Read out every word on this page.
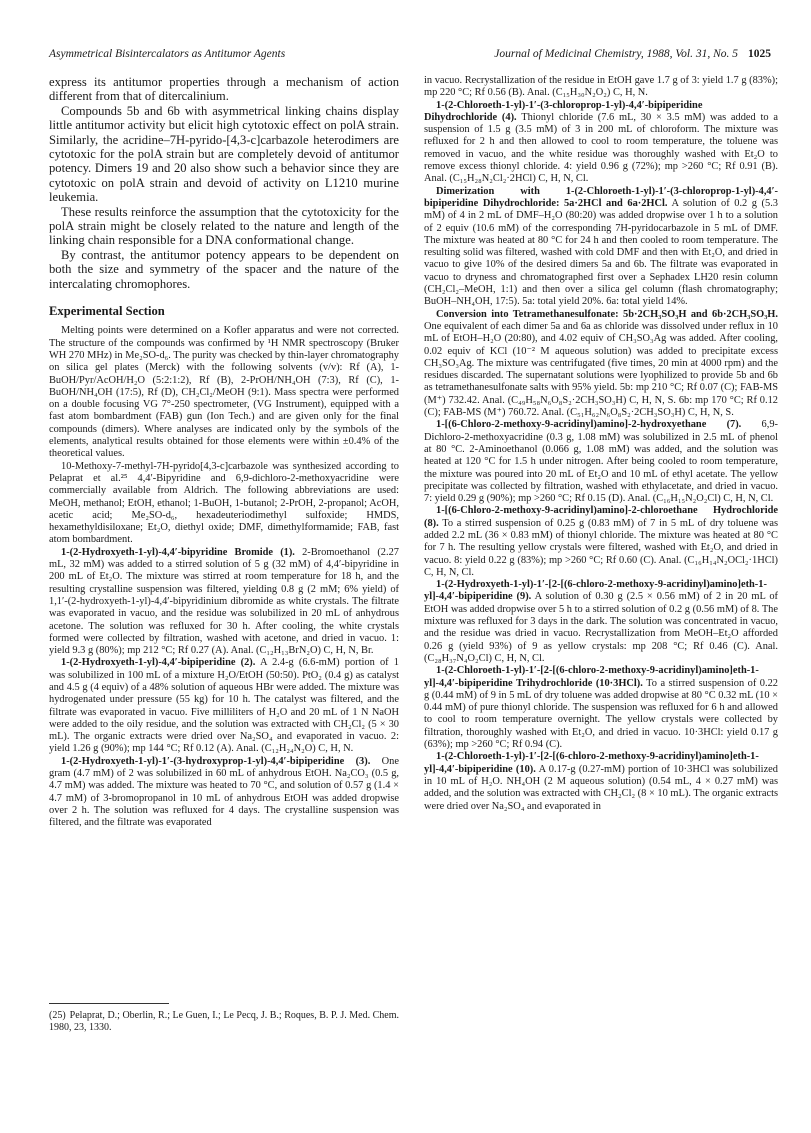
Asymmetrical Bisintercalators as Antitumor Agents	Journal of Medicinal Chemistry, 1988, Vol. 31, No. 5 1025

express its antitumor properties through a mechanism of action different from that of ditercalinium.

Compounds 5b and 6b with asymmetrical linking chains display little antitumor activity but elicit high cytotoxic effect on polA strain. Similarly, the acridine–7H-pyrido-[4,3-c]carbazole heterodimers are cytotoxic for the polA strain but are completely devoid of antitumor potency. Dimers 19 and 20 also show such a behavior since they are cytotoxic on polA strain and devoid of activity on L1210 murine leukemia.

These results reinforce the assumption that the cytotoxicity for the polA strain might be closely related to the nature and length of the linking chain responsible for a DNA conformational change.

By contrast, the antitumor potency appears to be dependent on both the size and symmetry of the spacer and the nature of the intercalating chromophores.

Experimental Section

Melting points were determined on a Kofler apparatus and were not corrected. The structure of the compounds was confirmed by ¹H NMR spectroscopy (Bruker WH 270 MHz) in Me₂SO-d₆. The purity was checked by thin-layer chromatography on silica gel plates (Merck) with the following solvents (v/v): Rf (A), 1-BuOH/Pyr/AcOH/H₂O (5:2:1:2), Rf (B), 2-PrOH/NH₄OH (7:3), Rf (C), 1-BuOH/NH₄OH (17:5), Rf (D), CH₂Cl₂/MeOH (9:1). Mass spectra were performed on a double focusing VG 7°-250 spectrometer, (VG Instrument), equipped with a fast atom bombardment (FAB) gun (Ion Tech.) and are given only for the final compounds (dimers). Where analyses are indicated only by the symbols of the elements, analytical results obtained for those elements were within ±0.4% of the theoretical values.

10-Methoxy-7-methyl-7H-pyrido[4,3-c]carbazole was synthesized according to Pelaprat et al.²⁵ 4,4′-Bipyridine and 6,9-dichloro-2-methoxyacridine were commercially available from Aldrich. The following abbreviations are used: MeOH, methanol; EtOH, ethanol; 1-BuOH, 1-butanol; 2-PrOH, 2-propanol; AcOH, acetic acid; Me₂SO-d₆, hexadeuteriodimethyl sulfoxide; HMDS, hexamethyldisiloxane; Et₂O, diethyl oxide; DMF, dimethylformamide; FAB, fast atom bombardment.

1-(2-Hydroxyeth-1-yl)-4,4′-bipyridine Bromide (1). 2-Bromoethanol (2.27 mL, 32 mM) was added to a stirred solution of 5 g (32 mM) of 4,4′-bipyridine in 200 mL of Et₂O. The mixture was stirred at room temperature for 18 h, and the resulting crystalline suspension was filtered, yielding 0.8 g (2 mM; 6% yield) of 1,1′-(2-hydroxyeth-1-yl)-4,4′-bipyridinium dibromide as white crystals. The filtrate was evaporated in vacuo, and the residue was solubilized in 20 mL of anhydrous acetone. The solution was refluxed for 30 h. After cooling, the white crystals formed were collected by filtration, washed with acetone, and dried in vacuo. 1: yield 9.3 g (80%); mp 212 °C; Rf 0.27 (A). Anal. (C₁₂H₁₃BrN₂O) C, H, N, Br.

1-(2-Hydroxyeth-1-yl)-4,4′-bipiperidine (2). A 2.4-g (6.6-mM) portion of 1 was solubilized in 100 mL of a mixture H₂O/EtOH (50:50). PtO₂ (0.4 g) as catalyst and 4.5 g (4 equiv) of a 48% solution of aqueous HBr were added. The mixture was hydrogenated under pressure (55 kg) for 10 h. The catalyst was filtered, and the filtrate was evaporated in vacuo. Five milliliters of H₂O and 20 mL of 1 N NaOH were added to the oily residue, and the solution was extracted with CH₂Cl₂ (5 × 30 mL). The organic extracts were dried over Na₂SO₄ and evaporated in vacuo. 2: yield 1.26 g (90%); mp 144 °C; Rf 0.12 (A). Anal. (C₁₂H₂₄N₂O) C, H, N.

1-(2-Hydroxyeth-1-yl)-1′-(3-hydroxyprop-1-yl)-4,4′-bipiperidine (3). One gram (4.7 mM) of 2 was solubilized in 60 mL of anhydrous EtOH. Na₂CO₃ (0.5 g, 4.7 mM) was added. The mixture was heated to 70 °C, and solution of 0.57 g (1.4 × 4.7 mM) of 3-bromopropanol in 10 mL of anhydrous EtOH was added dropwise over 2 h. The solution was refluxed for 4 days. The crystalline suspension was filtered, and the filtrate was evaporated

(25) Pelaprat, D.; Oberlin, R.; Le Guen, I.; Le Pecq, J. B.; Roques, B. P. J. Med. Chem. 1980, 23, 1330.

in vacuo. Recrystallization of the residue in EtOH gave 1.7 g of 3: yield 1.7 g (83%); mp 220 °C; Rf 0.56 (B). Anal. (C₁₅H₃₀N₂O₂) C, H, N.

1-(2-Chloroeth-1-yl)-1′-(3-chloroprop-1-yl)-4,4′-bipiperidine Dihydrochloride (4). Thionyl chloride (7.6 mL, 30 × 3.5 mM) was added to a suspension of 1.5 g (3.5 mM) of 3 in 200 mL of chloroform. The mixture was refluxed for 2 h and then allowed to cool to room temperature, the toluene was removed in vacuo, and the white residue was thoroughly washed with Et₂O to remove excess thionyl chloride. 4: yield 0.96 g (72%); mp >260 °C; Rf 0.91 (B). Anal. (C₁₅H₂₈N₂Cl₂·2HCl) C, H, N, Cl.

Dimerization with 1-(2-Chloroeth-1-yl)-1′-(3-chloroprop-1-yl)-4,4′-bipiperidine Dihydrochloride: 5a·2HCl and 6a·2HCl. A solution of 0.2 g (5.3 mM) of 4 in 2 mL of DMF–H₂O (80:20) was added dropwise over 1 h to a solution of 2 equiv (10.6 mM) of the corresponding 7H-pyridocarbazole in 5 mL of DMF. The mixture was heated at 80 °C for 24 h and then cooled to room temperature. The resulting solid was filtered, washed with cold DMF and then with Et₂O, and dried in vacuo to give 10% of the desired dimers 5a and 6b. The filtrate was evaporated in vacuo to dryness and chromatographed first over a Sephadex LH20 resin column (CH₂Cl₂–MeOH, 1:1) and then over a silica gel column (flash chromatography; BuOH–NH₄OH, 17:5). 5a: total yield 20%. 6a: total yield 14%.

Conversion into Tetramethanesulfonate: 5b·2CH₃SO₃H and 6b·2CH₃SO₃H. One equivalent of each dimer 5a and 6a as chloride was dissolved under reflux in 10 mL of EtOH–H₂O (20:80), and 4.02 equiv of CH₃SO₃Ag was added. After cooling, 0.02 equiv of KCl (10⁻² M aqueous solution) was added to precipitate excess CH₃SO₃Ag. The mixture was centrifugated (five times, 20 min at 4000 rpm) and the residues discarded. The supernatant solutions were lyophilized to provide 5b and 6b as tetramethanesulfonate salts with 95% yield. 5b: mp 210 °C; Rf 0.07 (C); FAB-MS (M⁺) 732.42. Anal. (C₄₉H₅₈N₆O₈S₂·2CH₃SO₃H) C, H, N, S. 6b: mp 170 °C; Rf 0.12 (C); FAB-MS (M⁺) 760.72. Anal. (C₅₁H₆₂N₆O₈S₂·2CH₃SO₃H) C, H, N, S.

1-[(6-Chloro-2-methoxy-9-acridinyl)amino]-2-hydroxyethane (7). 6,9-Dichloro-2-methoxyacridine (0.3 g, 1.08 mM) was solubilized in 2.5 mL of phenol at 80 °C. 2-Aminoethanol (0.066 g, 1.08 mM) was added, and the solution was heated at 120 °C for 1.5 h under nitrogen. After being cooled to room temperature, the mixture was poured into 20 mL of Et₂O and 10 mL of ethyl acetate. The yellow precipitate was collected by filtration, washed with ethylacetate, and dried in vacuo. 7: yield 0.29 g (90%); mp >260 °C; Rf 0.15 (D). Anal. (C₁₆H₁₅N₂O₂Cl) C, H, N, Cl.

1-[(6-Chloro-2-methoxy-9-acridinyl)amino]-2-chloroethane Hydrochloride (8). To a stirred suspension of 0.25 g (0.83 mM) of 7 in 5 mL of dry toluene was added 2.2 mL (36 × 0.83 mM) of thionyl chloride. The mixture was heated at 80 °C for 7 h. The resulting yellow crystals were filtered, washed with Et₂O, and dried in vacuo. 8: yield 0.22 g (83%); mp >260 °C; Rf 0.60 (C). Anal. (C₁₆H₁₄N₂OCl₂·1HCl) C, H, N, Cl.

1-(2-Hydroxyeth-1-yl)-1′-[2-[(6-chloro-2-methoxy-9-acridinyl)amino]eth-1-yl]-4,4′-bipiperidine (9). A solution of 0.30 g (2.5 × 0.56 mM) of 2 in 20 mL of EtOH was added dropwise over 5 h to a stirred solution of 0.2 g (0.56 mM) of 8. The mixture was refluxed for 3 days in the dark. The solution was concentrated in vacuo, and the residue was dried in vacuo. Recrystallization from MeOH–Et₂O afforded 0.26 g (yield 93%) of 9 as yellow crystals: mp 208 °C; Rf 0.46 (C). Anal. (C₂₈H₃₇N₄O₂Cl) C, H, N, Cl.

1-(2-Chloroeth-1-yl)-1′-[2-[(6-chloro-2-methoxy-9-acridinyl)amino]eth-1-yl]-4,4′-bipiperidine Trihydrochloride (10·3HCl). To a stirred suspension of 0.22 g (0.44 mM) of 9 in 5 mL of dry toluene was added dropwise at 80 °C 0.32 mL (10 × 0.44 mM) of pure thionyl chloride. The suspension was refluxed for 6 h and allowed to cool to room temperature overnight. The yellow crystals were collected by filtration, thoroughly washed with Et₂O, and dried in vacuo. 10·3HCl: yield 0.17 g (63%); mp >260 °C; Rf 0.94 (C).

1-(2-Chloroeth-1-yl)-1′-[2-[(6-chloro-2-methoxy-9-acridinyl)amino]eth-1-yl]-4,4′-bipiperidine (10). A 0.17-g (0.27-mM) portion of 10·3HCl was solubilized in 10 mL of H₂O. NH₄OH (2 M aqueous solution) (0.54 mL, 4 × 0.27 mM) was added, and the solution was extracted with CH₂Cl₂ (8 × 10 mL). The organic extracts were dried over Na₂SO₄ and evaporated in
